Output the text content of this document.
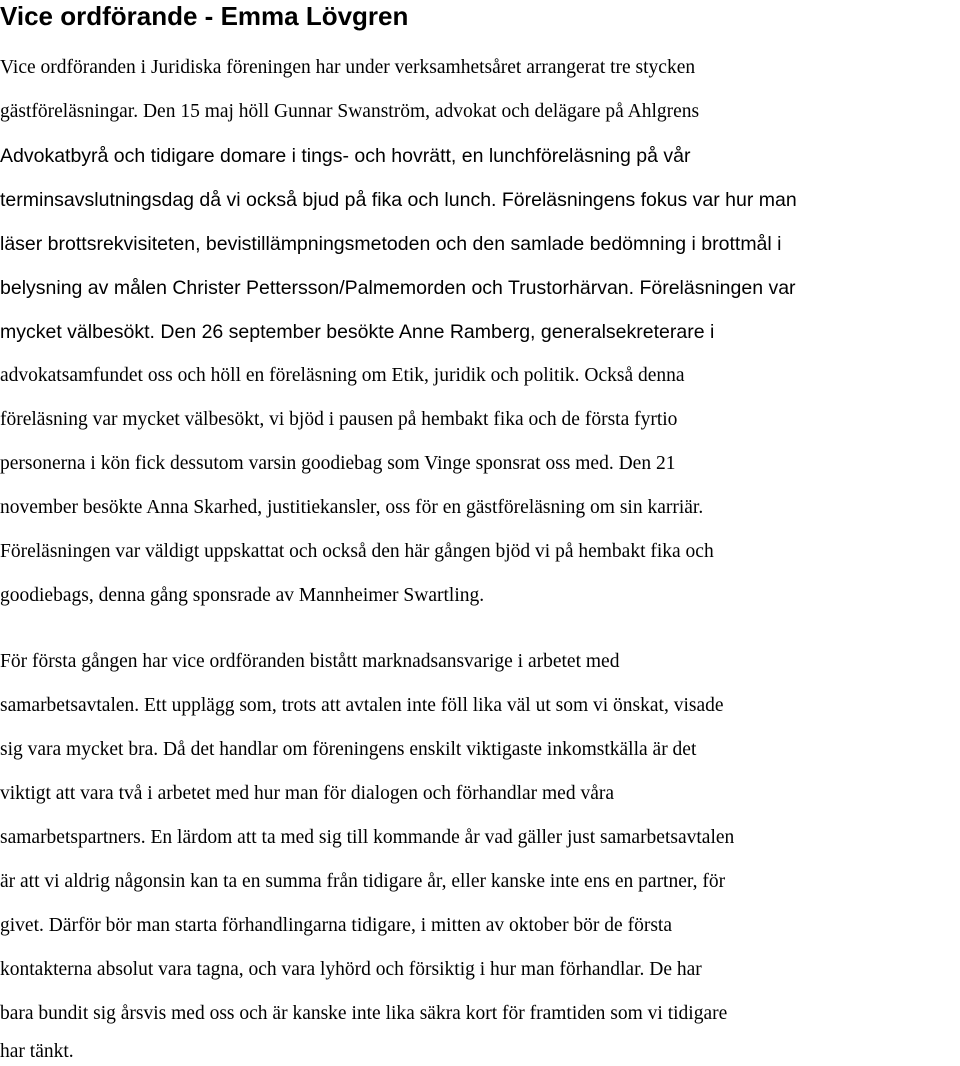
Vice ordförande - Emma Lövgren

Vice ordföranden i Juridiska föreningen har under verksamhetsåret arrangerat tre stycken

gästföreläsningar. Den 15 maj höll Gunnar Swanström, advokat och delägare på Ahlgrens

Advokatbyrå och tidigare domare i tings- och hovrätt, en lunchföreläsning på vår

terminsavslutningsdag då vi också bjud på fika och lunch. Föreläsningens fokus var hur man

läser brottsrekvisiteten, bevistillämpningsmetoden och den samlade bedömning i brottmål i

belysning av målen Christer Pettersson/Palmemorden och Trustorhärvan. Föreläsningen var

mycket välbesökt. Den 26 september besökte Anne Ramberg, generalsekreterare i

advokatsamfundet oss och höll en föreläsning om Etik, juridik och politik. Också denna

föreläsning var mycket välbesökt, vi bjöd i pausen på hembakt fika och de första fyrtio

personerna i kön fick dessutom varsin goodiebag som Vinge sponsrat oss med. Den 21

november besökte Anna Skarhed, justitiekansler, oss för en gästföreläsning om sin karriär.

Föreläsningen var väldigt uppskattat och också den här gången bjöd vi på hembakt fika och

goodiebags, denna gång sponsrade av Mannheimer Swartling.

För första gången har vice ordföranden bistått marknadsansvarige i arbetet med

samarbetsavtalen. Ett upplägg som, trots att avtalen inte föll lika väl ut som vi önskat, visade

sig vara mycket bra. Då det handlar om föreningens enskilt viktigaste inkomstkälla är det

viktigt att vara två i arbetet med hur man för dialogen och förhandlar med våra

samarbetspartners. En lärdom att ta med sig till kommande år vad gäller just samarbetsavtalen

är att vi aldrig någonsin kan ta en summa från tidigare år, eller kanske inte ens en partner, för

givet. Därför bör man starta förhandlingarna tidigare, i mitten av oktober bör de första

kontakterna absolut vara tagna, och vara lyhörd och försiktig i hur man förhandlar. De har

bara bundit sig årsvis med oss och är kanske inte lika säkra kort för framtiden som vi tidigare

har tänkt.
